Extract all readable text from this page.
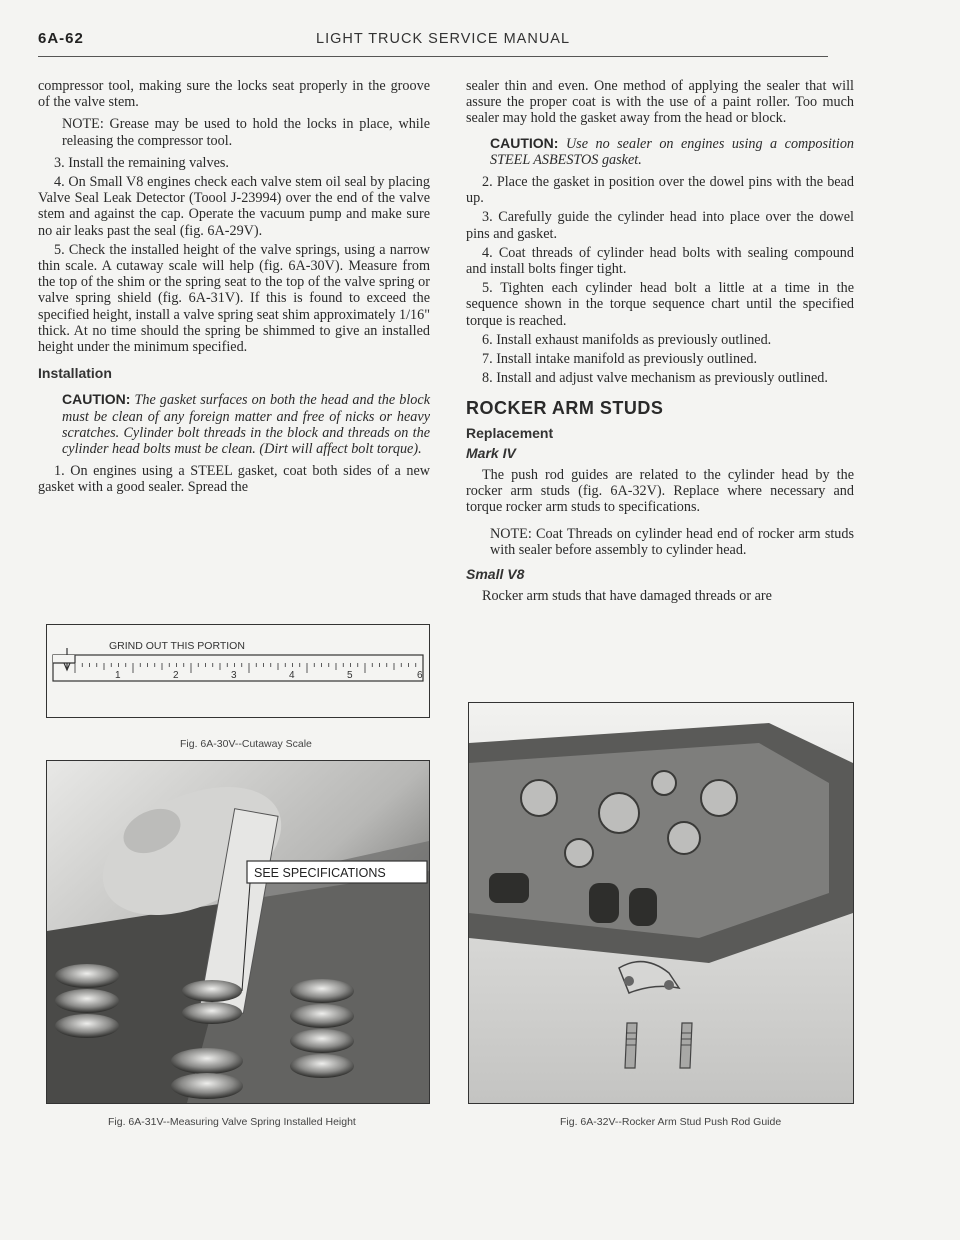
6A-62	LIGHT TRUCK SERVICE MANUAL

compressor tool, making sure the locks seat properly in the groove of the valve stem.

NOTE: Grease may be used to hold the locks in place, while releasing the compressor tool.

3. Install the remaining valves.

4. On Small V8 engines check each valve stem oil seal by placing Valve Seal Leak Detector (Toool J-23994) over the end of the valve stem and against the cap. Operate the vacuum pump and make sure no air leaks past the seal (fig. 6A-29V).

5. Check the installed height of the valve springs, using a narrow thin scale. A cutaway scale will help (fig. 6A-30V). Measure from the top of the shim or the spring seat to the top of the valve spring or valve spring shield (fig. 6A-31V). If this is found to exceed the specified height, install a valve spring seat shim approximately 1/16" thick. At no time should the spring be shimmed to give an installed height under the minimum specified.

Installation

CAUTION: The gasket surfaces on both the head and the block must be clean of any foreign matter and free of nicks or heavy scratches. Cylinder bolt threads in the block and threads on the cylinder head bolts must be clean. (Dirt will affect bolt torque).

1. On engines using a STEEL gasket, coat both sides of a new gasket with a good sealer. Spread the

GRIND OUT THIS PORTION
1	2	3	4	5	6
Fig. 6A-30V--Cutaway Scale
SEE SPECIFICATIONS
Fig. 6A-31V--Measuring Valve Spring Installed Height

sealer thin and even. One method of applying the sealer that will assure the proper coat is with the use of a paint roller. Too much sealer may hold the gasket away from the head or block.

CAUTION: Use no sealer on engines using a composition STEEL ASBESTOS gasket.

2. Place the gasket in position over the dowel pins with the bead up.

3. Carefully guide the cylinder head into place over the dowel pins and gasket.

4. Coat threads of cylinder head bolts with sealing compound and install bolts finger tight.

5. Tighten each cylinder head bolt a little at a time in the sequence shown in the torque sequence chart until the specified torque is reached.

6. Install exhaust manifolds as previously outlined.

7. Install intake manifold as previously outlined.

8. Install and adjust valve mechanism as previously outlined.

ROCKER ARM STUDS

Replacement

Mark IV

The push rod guides are related to the cylinder head by the rocker arm studs (fig. 6A-32V). Replace where necessary and torque rocker arm studs to specifications.

NOTE: Coat Threads on cylinder head end of rocker arm studs with sealer before assembly to cylinder head.

Small V8

Rocker arm studs that have damaged threads or are

Fig. 6A-32V--Rocker Arm Stud Push Rod Guide
